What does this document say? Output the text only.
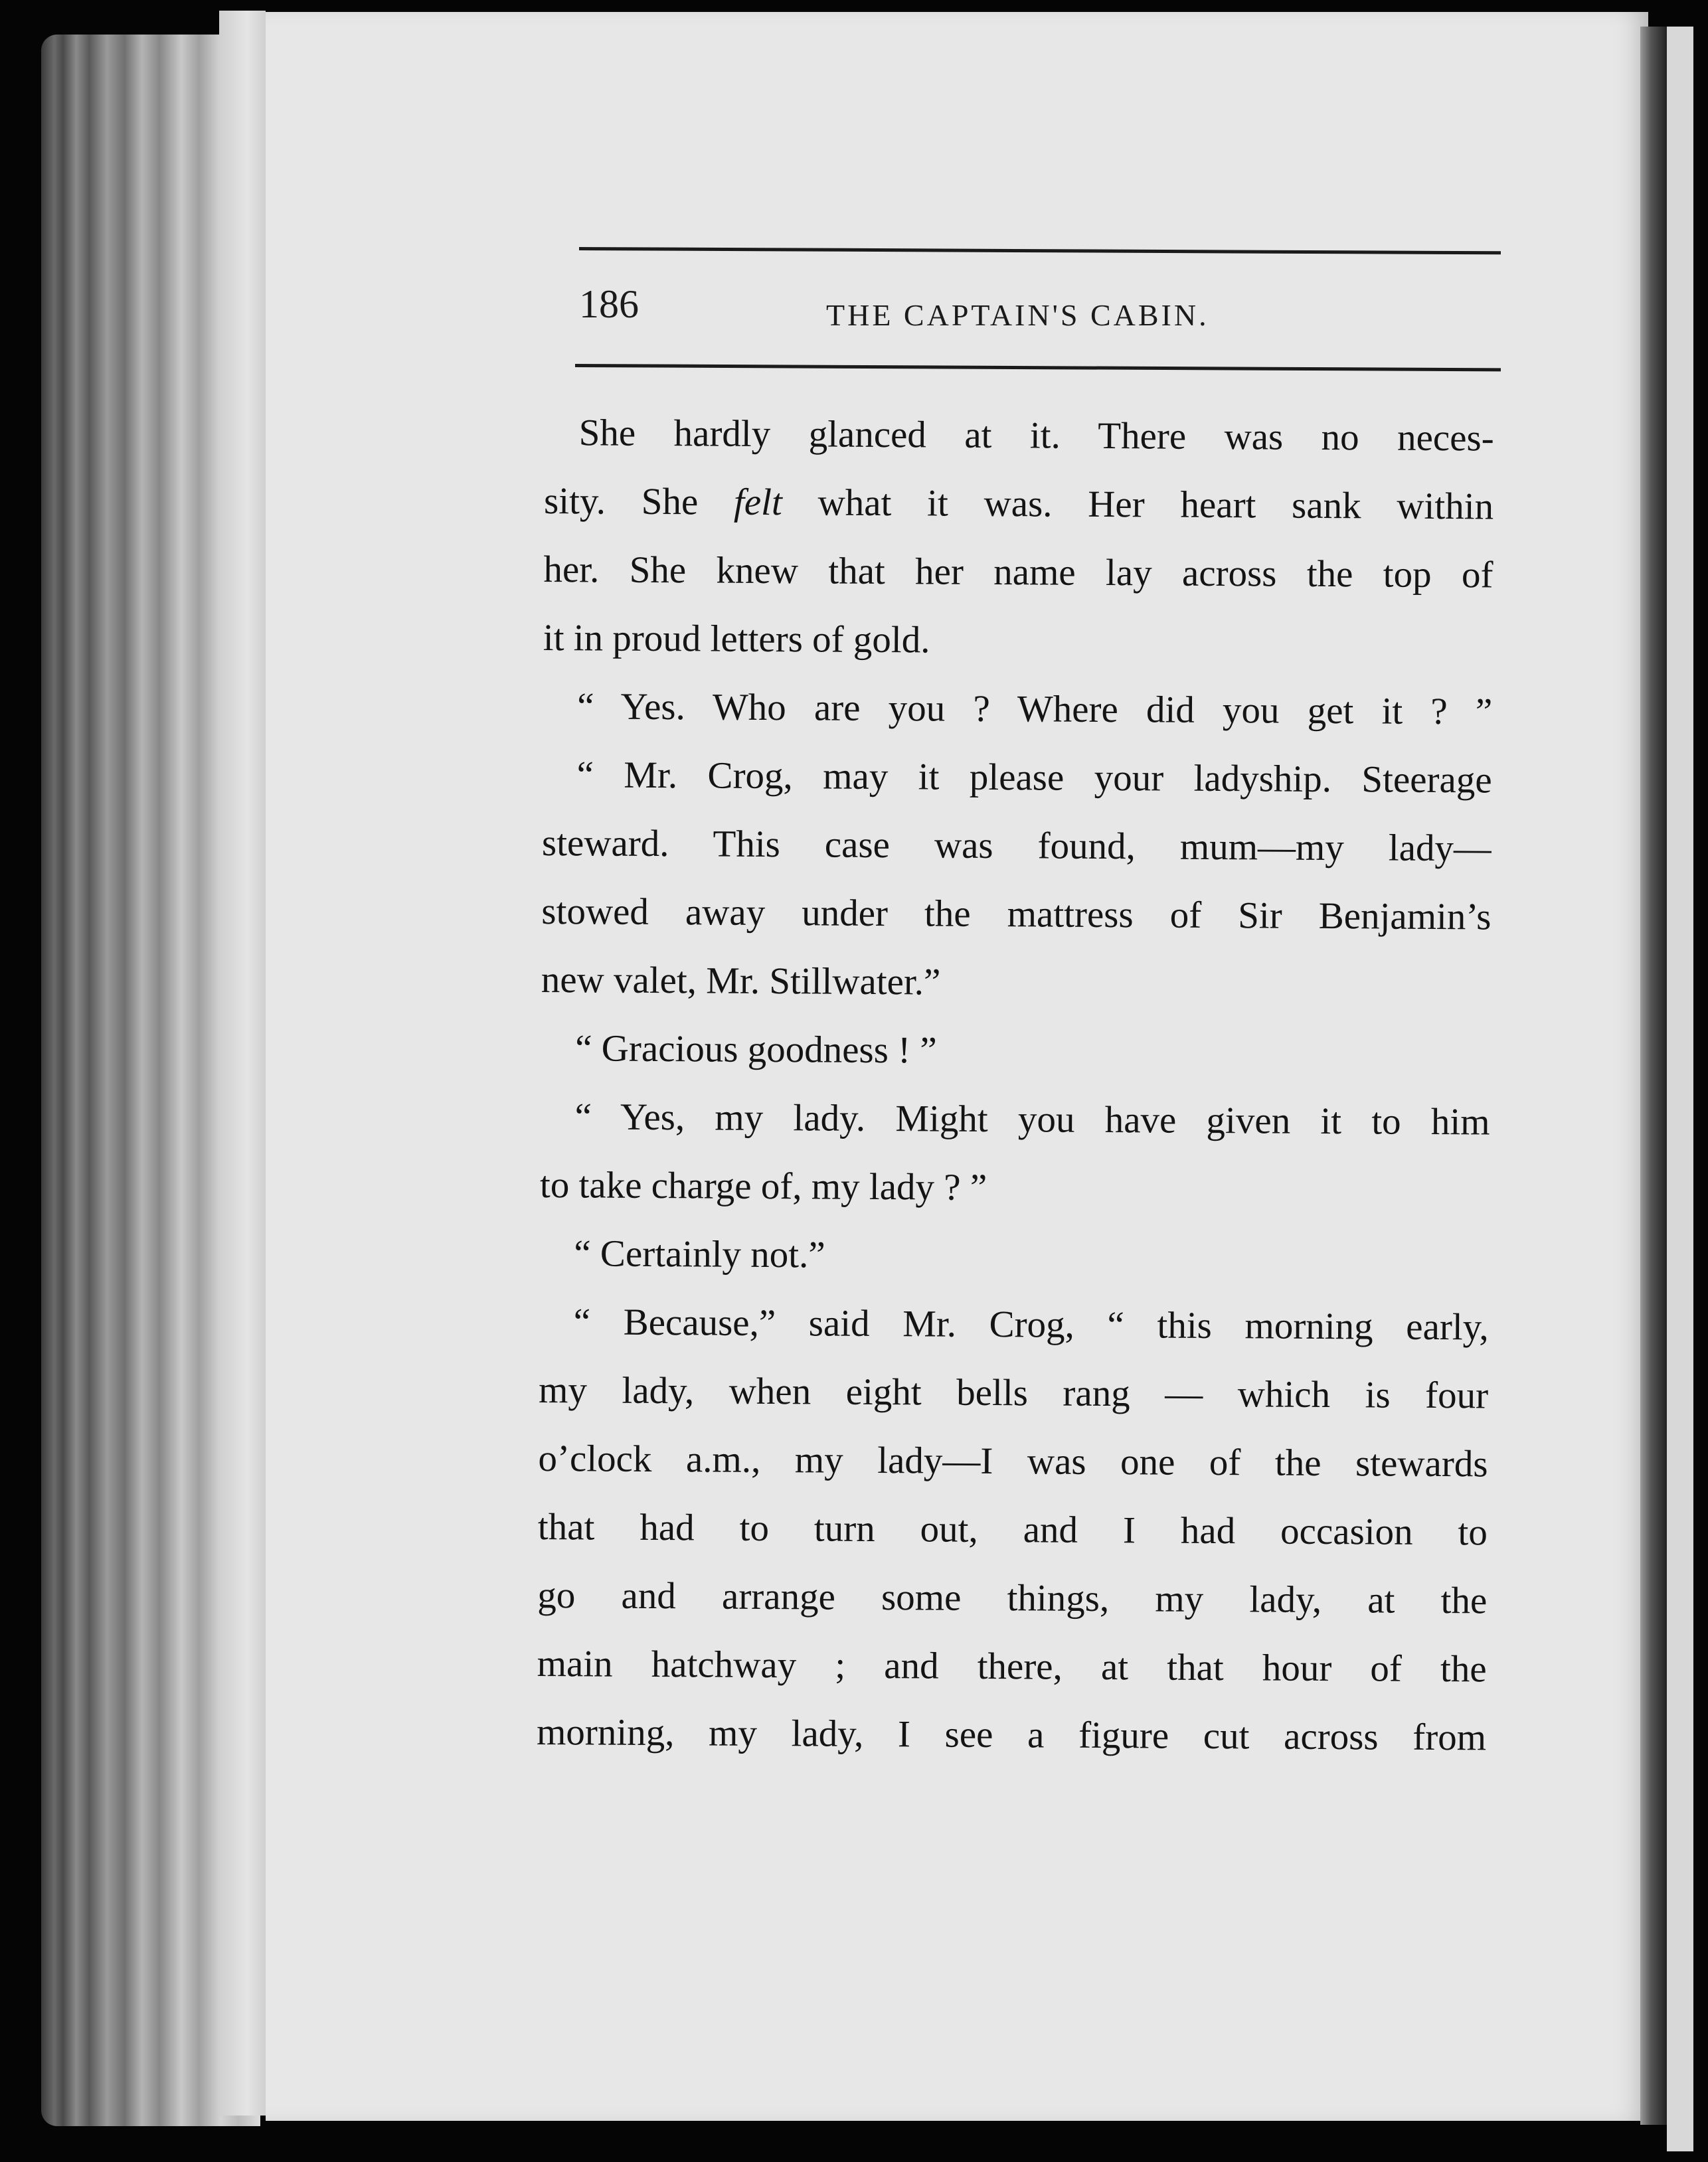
186	THE CAPTAIN'S CABIN.
She hardly glanced at it. There was no neces-
sity. She felt what it was. Her heart sank within
her. She knew that her name lay across the top of
it in proud letters of gold.
“ Yes. Who are you ? Where did you get it ? ”
“ Mr. Crog, may it please your ladyship. Steerage
steward. This case was found, mum—my lady—
stowed away under the mattress of Sir Benjamin’s
new valet, Mr. Stillwater.”
“ Gracious goodness ! ”
“ Yes, my lady. Might you have given it to him
to take charge of, my lady ? ”
“ Certainly not.”
“ Because,” said Mr. Crog, “ this morning early,
my lady, when eight bells rang — which is four
o’clock a.m., my lady—I was one of the stewards
that had to turn out, and I had occasion to
go and arrange some things, my lady, at the
main hatchway ; and there, at that hour of the
morning, my lady, I see a figure cut across from
